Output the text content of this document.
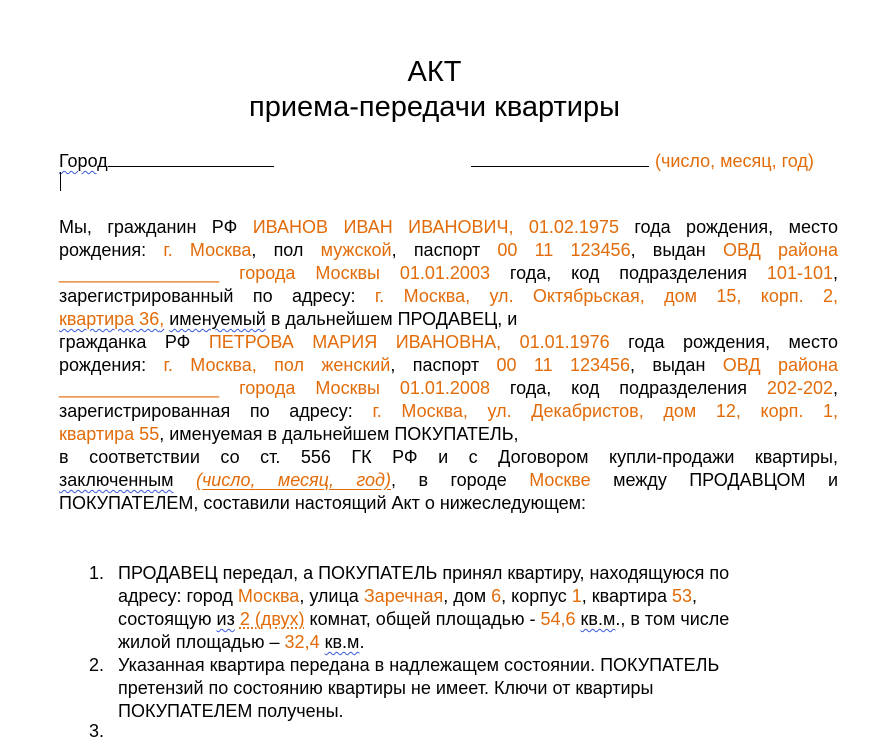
АКТ
приема-передачи квартиры
Город	(число, месяц, год)
Мы, гражданин РФ ИВАНОВ ИВАН ИВАНОВИЧ, 01.02.1975 года рождения, место
рождения: г. Москва, пол мужской, паспорт 00 11 123456, выдан ОВД района
________________ города Москвы 01.01.2003 года, код подразделения 101-101,
зарегистрированный по адресу: г. Москва, ул. Октябрьская, дом 15, корп. 2,
квартира 36, именуемый в дальнейшем ПРОДАВЕЦ, и
гражданка РФ ПЕТРОВА МАРИЯ ИВАНОВНА, 01.01.1976 года рождения, место
рождения: г. Москва, пол женский, паспорт 00 11 123456, выдан ОВД района
________________ города Москвы 01.01.2008 года, код подразделения 202-202,
зарегистрированная по адресу: г. Москва, ул. Декабристов, дом 12, корп. 1,
квартира 55, именуемая в дальнейшем ПОКУПАТЕЛЬ,
в соответствии со ст. 556 ГК РФ и с Договором купли-продажи квартиры,
заключенным (число, месяц, год), в городе Москве между ПРОДАВЦОМ и
ПОКУПАТЕЛЕМ, составили настоящий Акт о нижеследующем:
1. ПРОДАВЕЦ передал, а ПОКУПАТЕЛЬ принял квартиру, находящуюся по
адресу: город Москва, улица Заречная, дом 6, корпус 1, квартира 53,
состоящую из 2 (двух) комнат, общей площадью - 54,6 кв.м., в том числе
жилой площадью – 32,4 кв.м.
2. Указанная квартира передана в надлежащем состоянии. ПОКУПАТЕЛЬ
претензий по состоянию квартиры не имеет. Ключи от квартиры
ПОКУПАТЕЛЕМ получены.
3.
